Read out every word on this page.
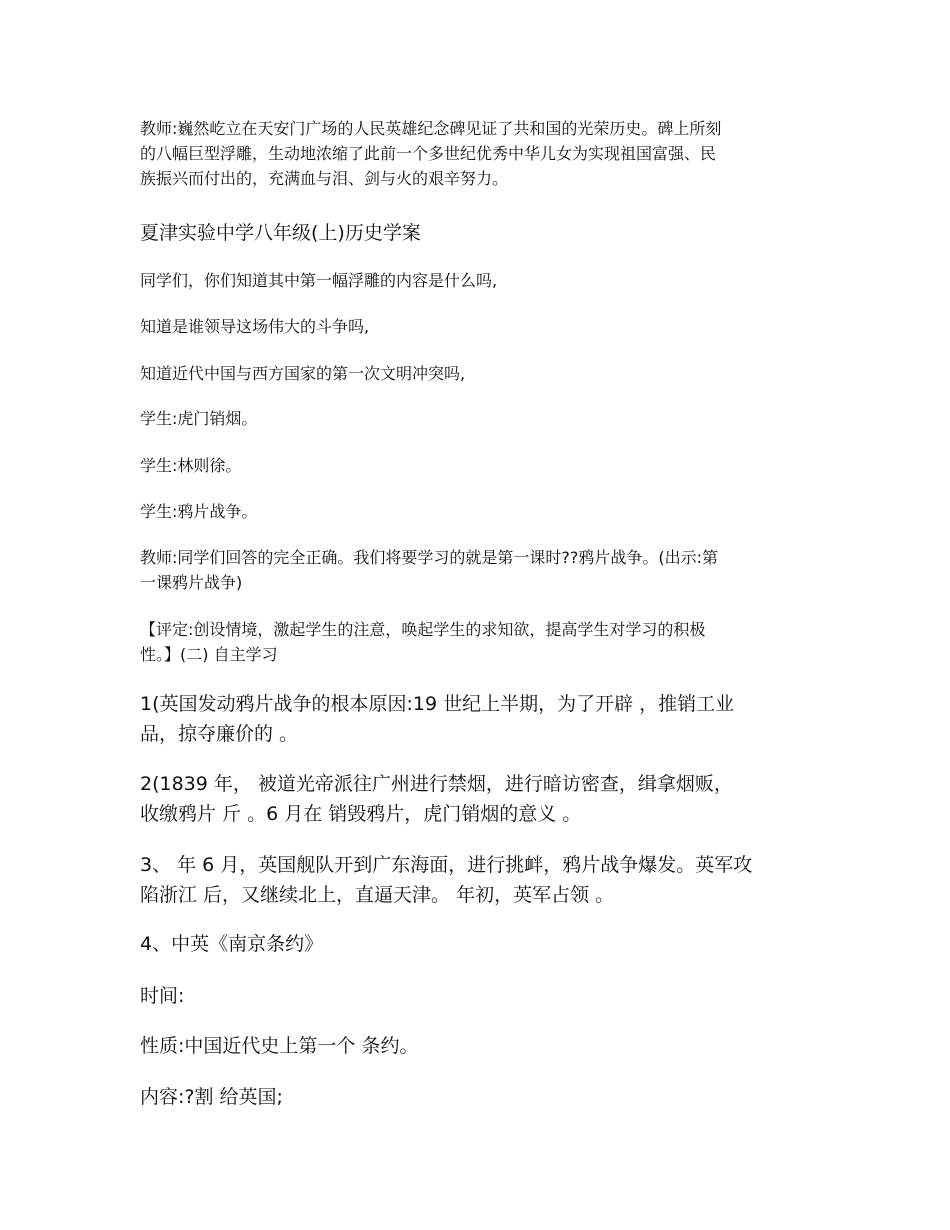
教师:巍然屹立在天安门广场的人民英雄纪念碑见证了共和国的光荣历史。碑上所刻
的八幅巨型浮雕，生动地浓缩了此前一个多世纪优秀中华儿女为实现祖国富强、民
族振兴而付出的，充满血与泪、剑与火的艰辛努力。
夏津实验中学八年级(上)历史学案
同学们，你们知道其中第一幅浮雕的内容是什么吗,
知道是谁领导这场伟大的斗争吗,
知道近代中国与西方国家的第一次文明冲突吗,
学生:虎门销烟。
学生:林则徐。
学生:鸦片战争。
教师:同学们回答的完全正确。我们将要学习的就是第一课时??鸦片战争。(出示:第
一课鸦片战争)
【评定:创设情境，激起学生的注意，唤起学生的求知欲，提高学生对学习的积极
性。】(二) 自主学习
1(英国发动鸦片战争的根本原因:19 世纪上半期，为了开辟 ，推销工业
品，掠夺廉价的 。
2(1839 年， 被道光帝派往广州进行禁烟，进行暗访密查，缉拿烟贩，
收缴鸦片 斤 。6 月在 销毁鸦片，虎门销烟的意义 。
3、 年 6 月，英国舰队开到广东海面，进行挑衅，鸦片战争爆发。英军攻
陷浙江 后，又继续北上，直逼天津。 年初，英军占领 。
4、中英《南京条约》
时间:
性质:中国近代史上第一个 条约。
内容:?割 给英国;
